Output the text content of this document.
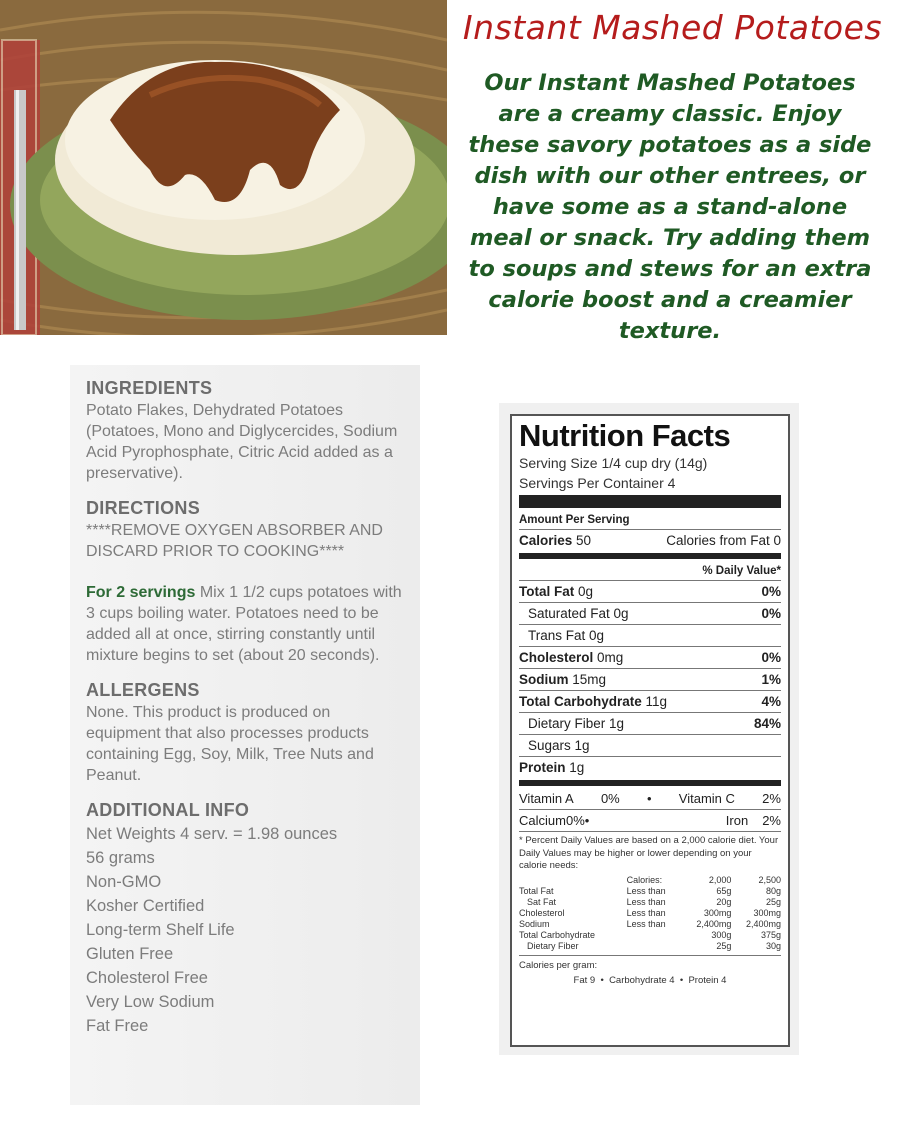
Instant Mashed Potatoes

Our Instant Mashed Potatoes are a creamy classic. Enjoy these savory potatoes as a side dish with our other entrees, or have some as a stand-alone meal or snack. Try adding them to soups and stews for an extra calorie boost and a creamier texture.

INGREDIENTS

Potato Flakes, Dehydrated Potatoes (Potatoes, Mono and Diglycercides, Sodium Acid Pyrophosphate, Citric Acid added as a preservative).

DIRECTIONS

****REMOVE OXYGEN ABSORBER AND DISCARD PRIOR TO COOKING****

For 2 servings Mix 1 1/2 cups potatoes with 3 cups boiling water. Potatoes need to be added all at once, stirring constantly until mixture begins to set (about 20 seconds).

ALLERGENS

None. This product is produced on equipment that also processes products containing Egg, Soy, Milk, Tree Nuts and Peanut.

ADDITIONAL INFO
Net Weights 4 serv. = 1.98 ounces
56 grams
Non-GMO
Kosher Certified
Long-term Shelf Life
Gluten Free
Cholesterol Free
Very Low Sodium
Fat Free
Nutrition Facts
Serving Size 1/4 cup dry (14g)
Servings Per Container 4
Amount Per Serving
Calories 50	Calories from Fat 0
% Daily Value*
Total Fat 0g	0%
Saturated Fat 0g	0%
Trans Fat 0g
Cholesterol 0mg	0%
Sodium 15mg	1%
Total Carbohydrate 11g	4%
Dietary Fiber 1g	84%
Sugars 1g
Protein 1g
Vitamin A 0% • Vitamin C 2%
Calcium 0% •	Iron	2%
* Percent Daily Values are based on a 2,000 calorie diet. Your Daily Values may be higher or lower depending on your calorie needs:
	Calories:	2,000	2,500
Total Fat	Less than	65g	80g
Sat Fat	Less than	20g	25g
Cholesterol	Less than	300mg	300mg
Sodium	Less than	2,400mg	2,400mg
Total Carbohydrate		300g	375g
Dietary Fiber		25g	30g
Calories per gram:
Fat 9 • Carbohydrate 4 • Protein 4
